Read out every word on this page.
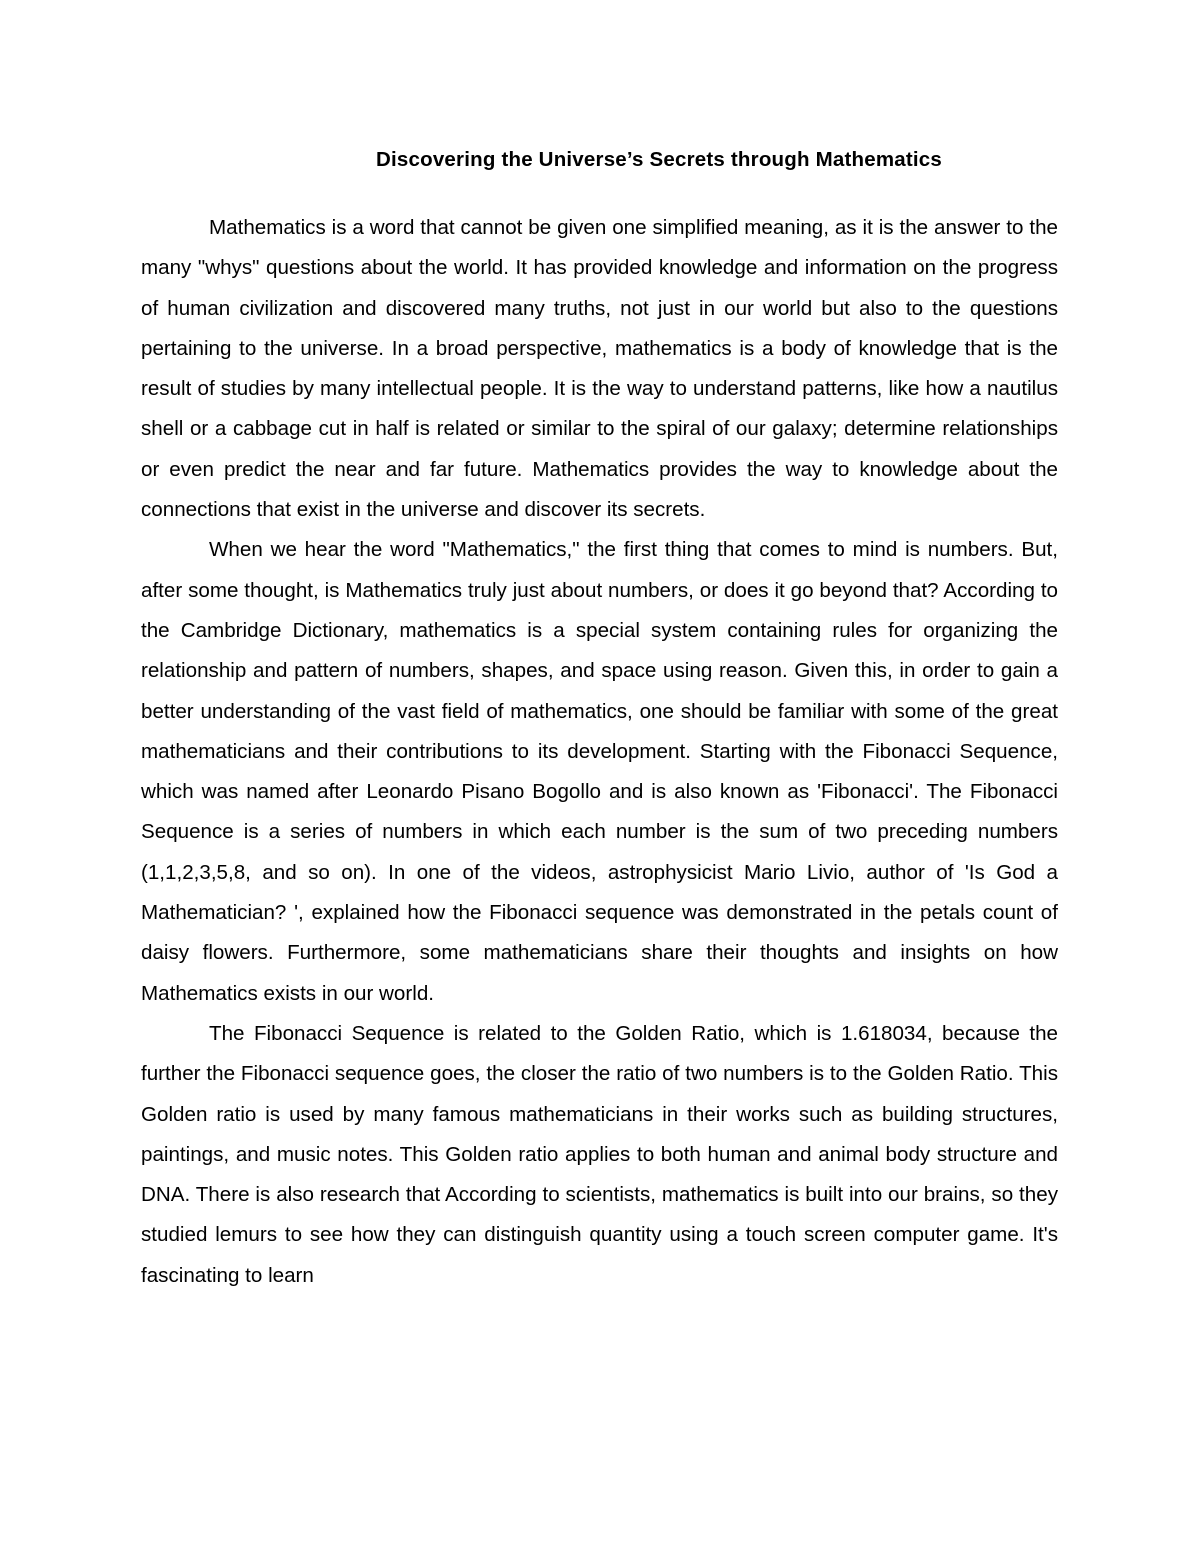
Discovering the Universe’s Secrets through Mathematics

Mathematics is a word that cannot be given one simplified meaning, as it is the answer to the many "whys" questions about the world. It has provided knowledge and information on the progress of human civilization and discovered many truths, not just in our world but also to the questions pertaining to the universe. In a broad perspective, mathematics is a body of knowledge that is the result of studies by many intellectual people. It is the way to understand patterns, like how a nautilus shell or a cabbage cut in half is related or similar to the spiral of our galaxy; determine relationships or even predict the near and far future. Mathematics provides the way to knowledge about the connections that exist in the universe and discover its secrets.

When we hear the word "Mathematics," the first thing that comes to mind is numbers. But, after some thought, is Mathematics truly just about numbers, or does it go beyond that? According to the Cambridge Dictionary, mathematics is a special system containing rules for organizing the relationship and pattern of numbers, shapes, and space using reason. Given this, in order to gain a better understanding of the vast field of mathematics, one should be familiar with some of the great mathematicians and their contributions to its development. Starting with the Fibonacci Sequence, which was named after Leonardo Pisano Bogollo and is also known as 'Fibonacci'. The Fibonacci Sequence is a series of numbers in which each number is the sum of two preceding numbers (1,1,2,3,5,8, and so on). In one of the videos, astrophysicist Mario Livio, author of 'Is God a Mathematician? ', explained how the Fibonacci sequence was demonstrated in the petals count of daisy flowers. Furthermore, some mathematicians share their thoughts and insights on how Mathematics exists in our world.

The Fibonacci Sequence is related to the Golden Ratio, which is 1.618034, because the further the Fibonacci sequence goes, the closer the ratio of two numbers is to the Golden Ratio. This Golden ratio is used by many famous mathematicians in their works such as building structures, paintings, and music notes. This Golden ratio applies to both human and animal body structure and DNA. There is also research that According to scientists, mathematics is built into our brains, so they studied lemurs to see how they can distinguish quantity using a touch screen computer game. It's fascinating to learn
